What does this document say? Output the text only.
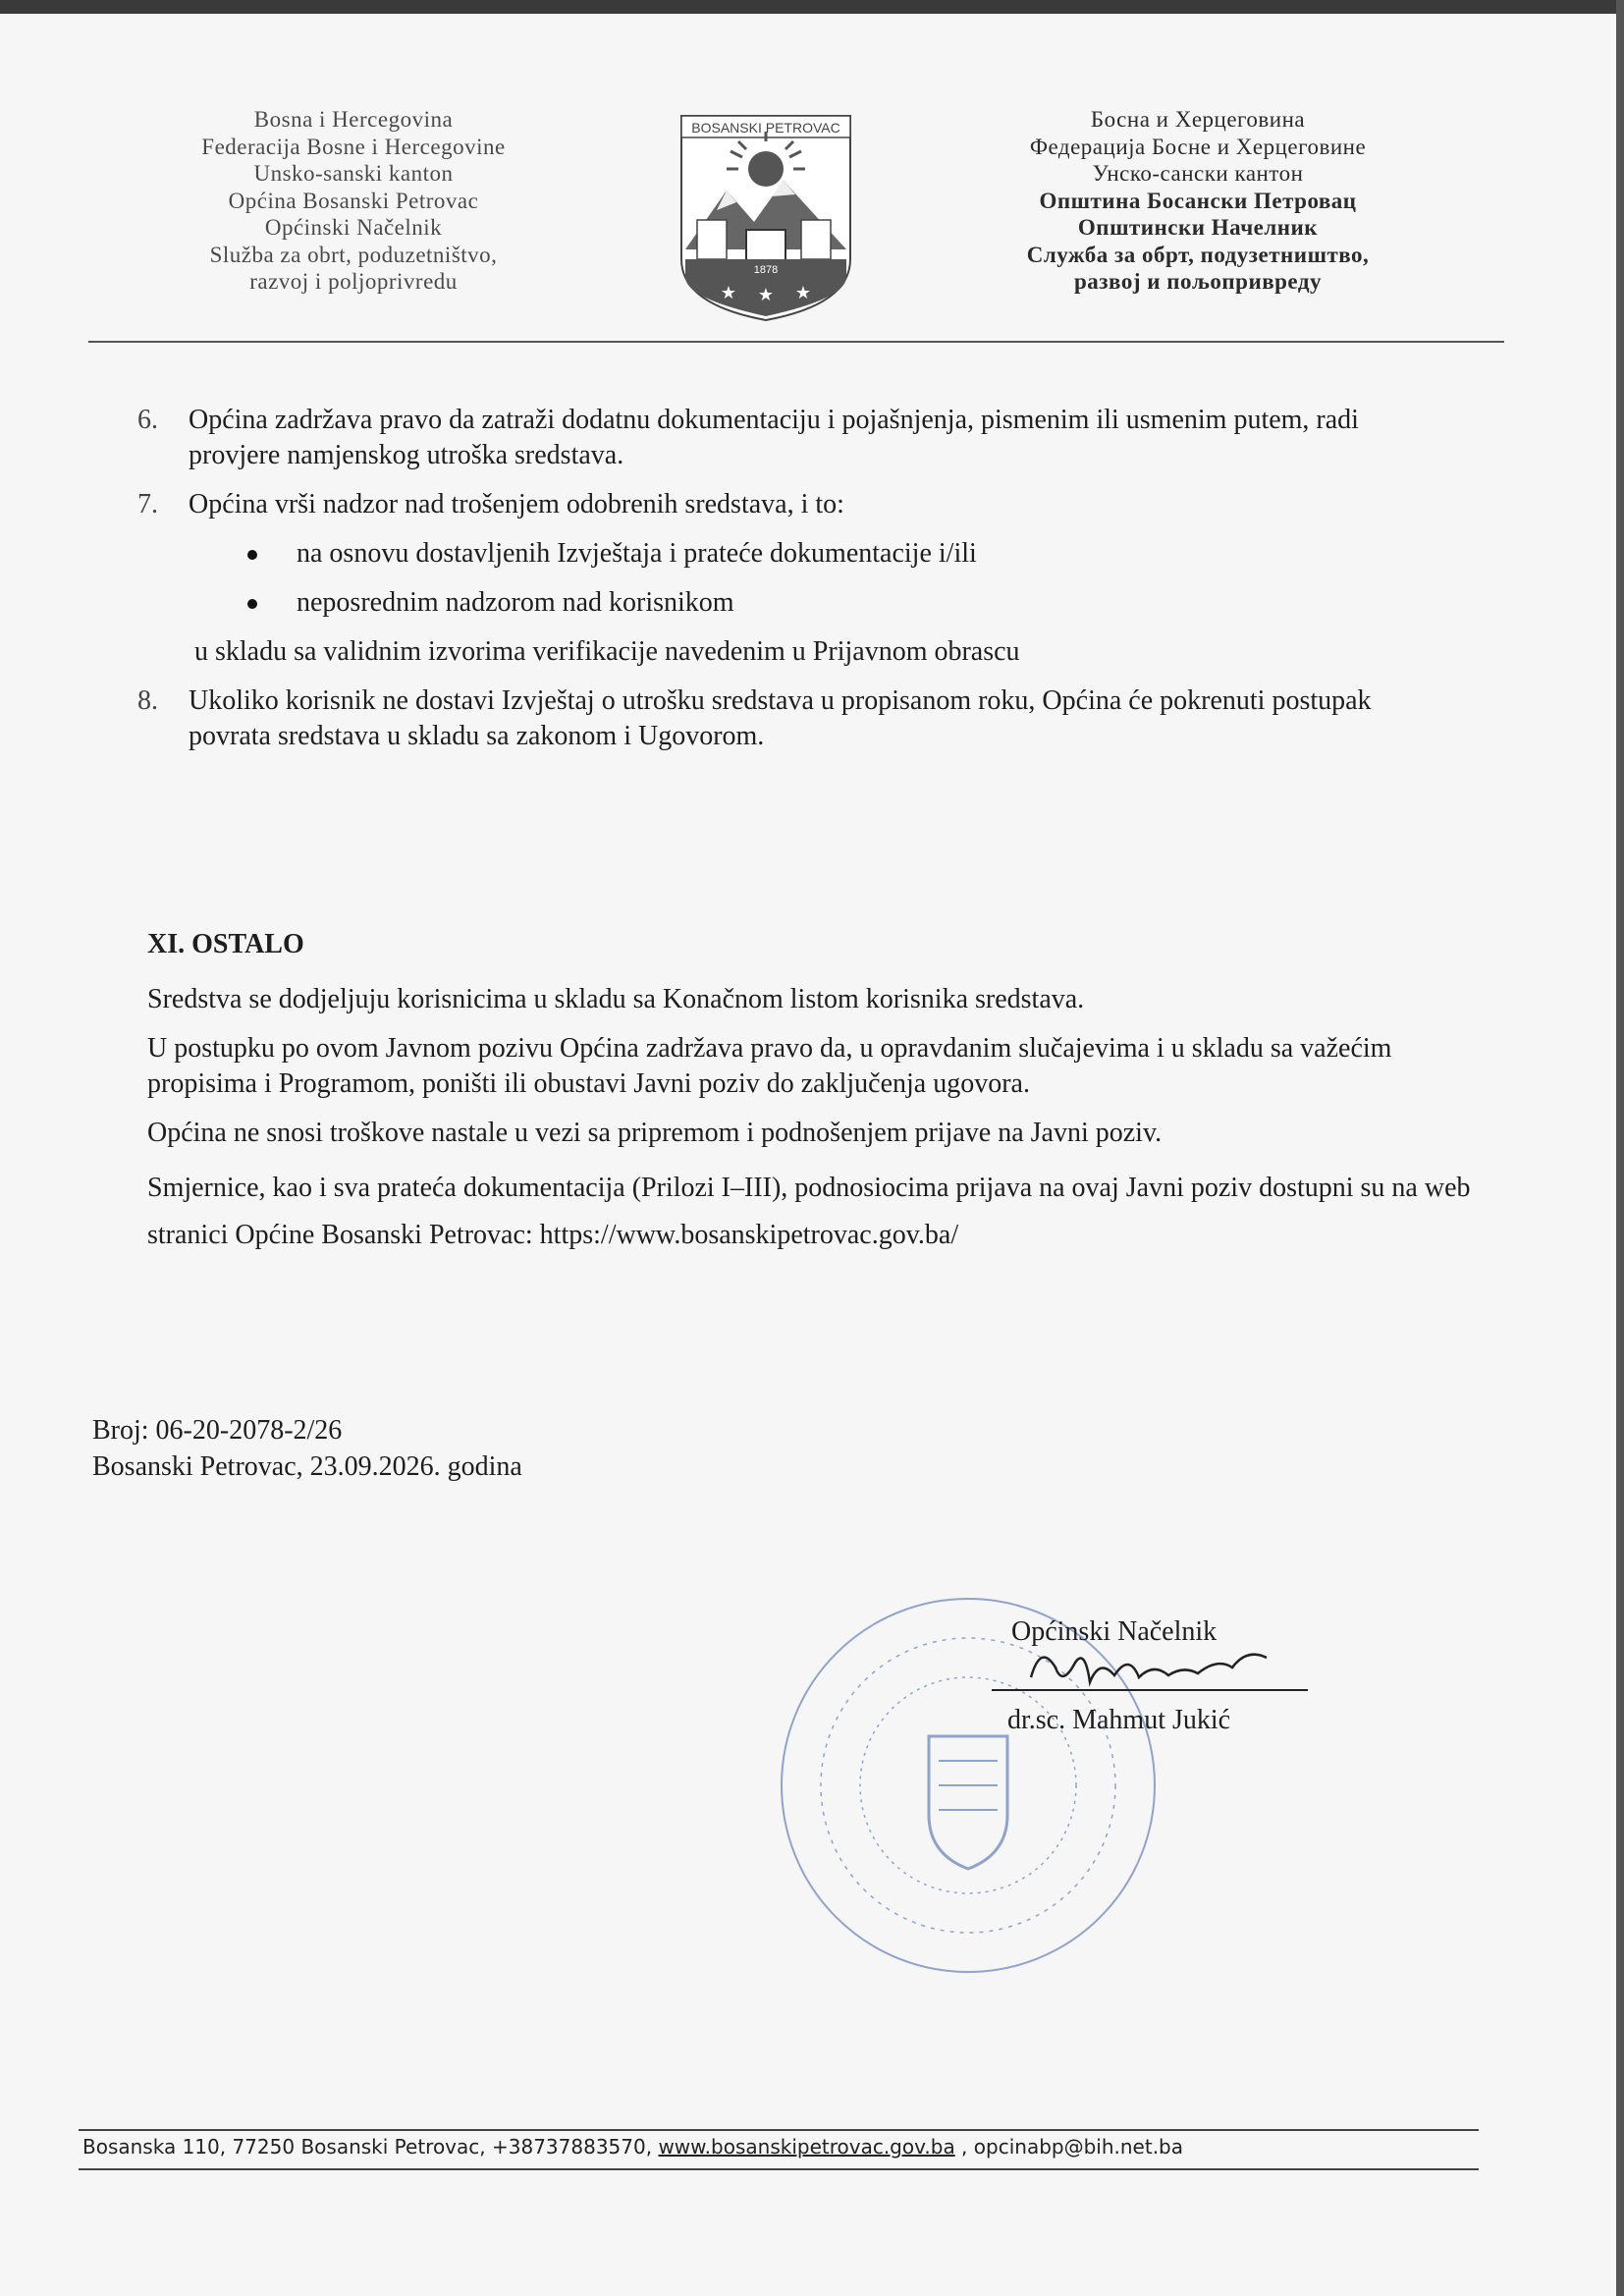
Bosna i Hercegovina
Federacija Bosne i Hercegovine
Unsko-sanski kanton
Općina Bosanski Petrovac
Općinski Načelnik
Služba za obrt, poduzetništvo,
razvoj i poljoprivredu
BOSANSKI PETROVAC
1878
★ ★ ★
Босна и Херцеговина
Федерација Босне и Херцеговине
Унско-сански кантон
Општина Босански Петровац
Општински Начелник
Служба за обрт, подузетништво,
развој и пољопривреду
6.	Općina zadržava pravo da zatraži dodatnu dokumentaciju i pojašnjenja, pismenim ili usmenim putem, radi provjere namjenskog utroška sredstava.
7.	Općina vrši nadzor nad trošenjem odobrenih sredstava, i to:
na osnovu dostavljenih Izvještaja i prateće dokumentacije i/ili
neposrednim nadzorom nad korisnikom
u skladu sa validnim izvorima verifikacije navedenim u Prijavnom obrascu
8.	Ukoliko korisnik ne dostavi Izvještaj o utrošku sredstava u propisanom roku, Općina će pokrenuti postupak povrata sredstava u skladu sa zakonom i Ugovorom.
XI. OSTALO

Sredstva se dodjeljuju korisnicima u skladu sa Konačnom listom korisnika sredstava.

U postupku po ovom Javnom pozivu Općina zadržava pravo da, u opravdanim slučajevima i u skladu sa važećim propisima i Programom, poništi ili obustavi Javni poziv do zaključenja ugovora.

Općina ne snosi troškove nastale u vezi sa pripremom i podnošenjem prijave na Javni poziv.

Smjernice, kao i sva prateća dokumentacija (Prilozi I–III), podnosiocima prijava na ovaj Javni poziv dostupni su na web stranici Općine Bosanski Petrovac: https://www.bosanskipetrovac.gov.ba/

Broj: 06-20-2078-2/26
Bosanski Petrovac, 23.09.2026. godina
Općinski Načelnik
dr.sc. Mahmut Jukić
Bosanska 110, 77250 Bosanski Petrovac, +38737883570, www.bosanskipetrovac.gov.ba , opcinabp@bih.net.ba
